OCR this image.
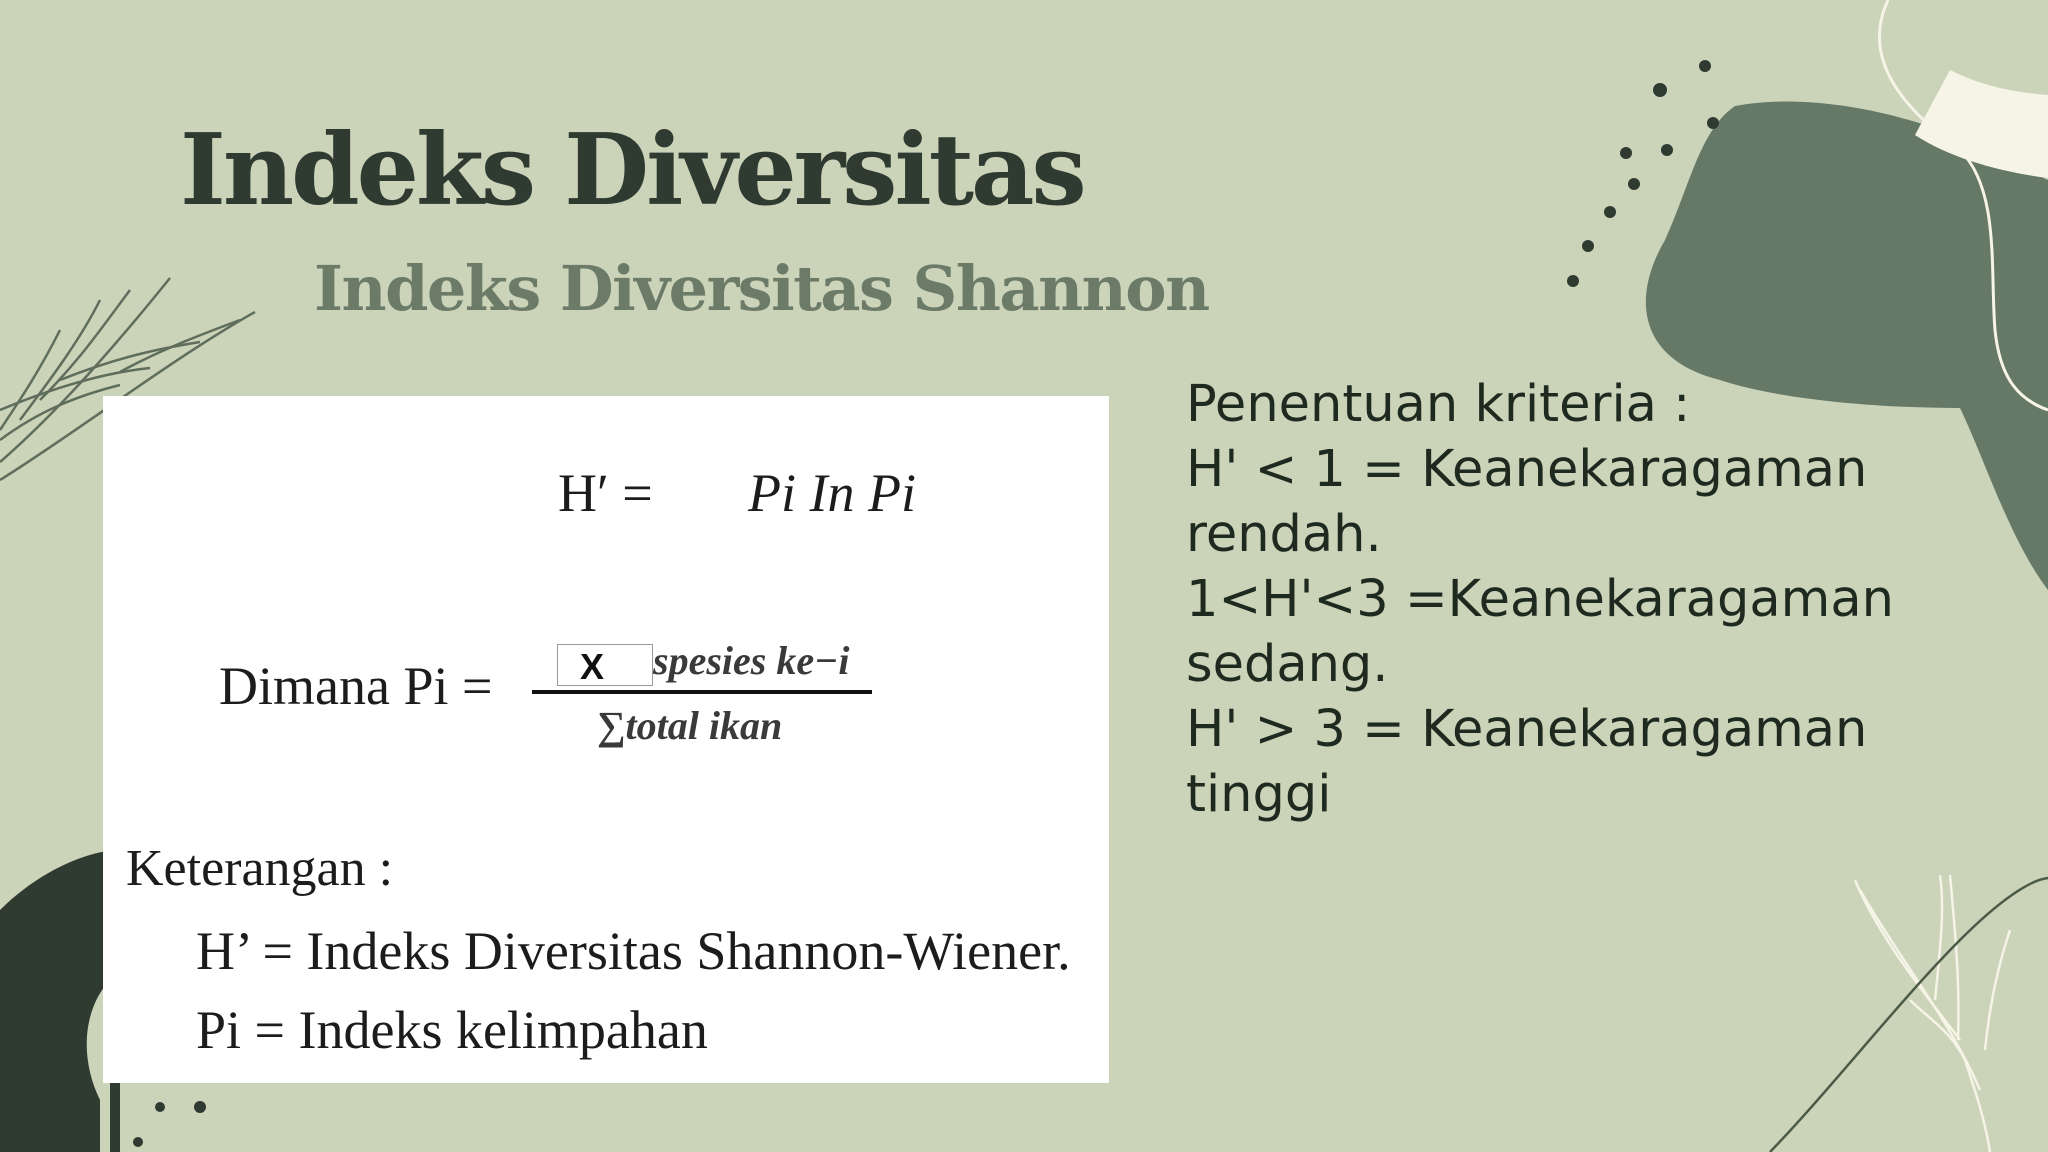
Indeks Diversitas
Indeks Diversitas Shannon
H′ = Pi In Pi
Dimana Pi = X spesies ke−i
∑total ikan
Keterangan :
H’ = Indeks Diversitas Shannon-Wiener.
Pi = Indeks kelimpahan
Penentuan kriteria :
H' < 1 = Keanekaragaman
rendah.
1<H'<3 =Keanekaragaman
sedang.
H' > 3 = Keanekaragaman
tinggi
